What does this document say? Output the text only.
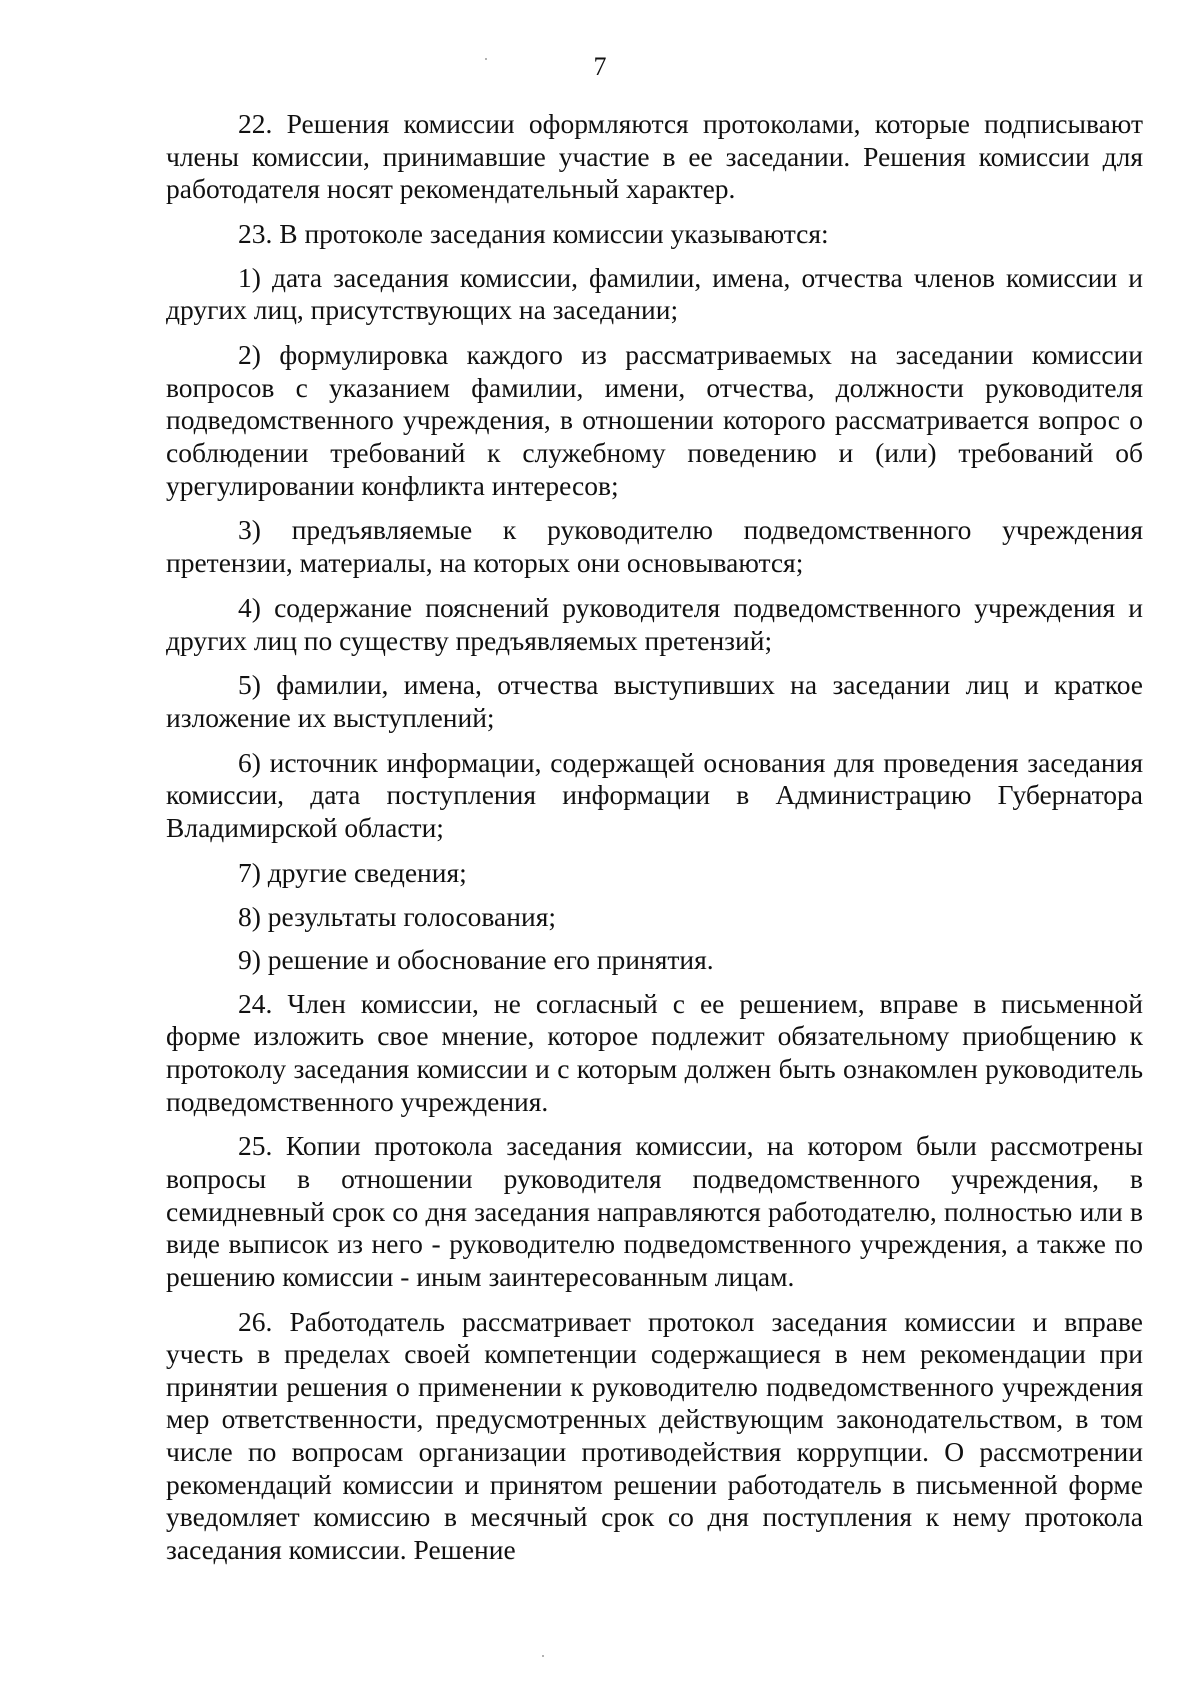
7

22. Решения комиссии оформляются протоколами, которые подписывают члены комиссии, принимавшие участие в ее заседании. Решения комиссии для работодателя носят рекомендательный характер.

23. В протоколе заседания комиссии указываются:

1) дата заседания комиссии, фамилии, имена, отчества членов комиссии и других лиц, присутствующих на заседании;

2) формулировка каждого из рассматриваемых на заседании комиссии вопросов с указанием фамилии, имени, отчества, должности руководителя подведомственного учреждения, в отношении которого рассматривается вопрос о соблюдении требований к служебному поведению и (или) требований об урегулировании конфликта интересов;

3) предъявляемые к руководителю подведомственного учреждения претензии, материалы, на которых они основываются;

4) содержание пояснений руководителя подведомственного учреждения и других лиц по существу предъявляемых претензий;

5) фамилии, имена, отчества выступивших на заседании лиц и краткое изложение их выступлений;

6) источник информации, содержащей основания для проведения заседания комиссии, дата поступления информации в Администрацию Губернатора Владимирской области;

7) другие сведения;

8) результаты голосования;

9) решение и обоснование его принятия.

24. Член комиссии, не согласный с ее решением, вправе в письменной форме изложить свое мнение, которое подлежит обязательному приобщению к протоколу заседания комиссии и с которым должен быть ознакомлен руководитель подведомственного учреждения.

25. Копии протокола заседания комиссии, на котором были рассмотрены вопросы в отношении руководителя подведомственного учреждения, в семидневный срок со дня заседания направляются работодателю, полностью или в виде выписок из него - руководителю подведомственного учреждения, а также по решению комиссии - иным заинтересованным лицам.

26. Работодатель рассматривает протокол заседания комиссии и вправе учесть в пределах своей компетенции содержащиеся в нем рекомендации при принятии решения о применении к руководителю подведомственного учреждения мер ответственности, предусмотренных действующим законодательством, в том числе по вопросам организации противодействия коррупции. О рассмотрении рекомендаций комиссии и принятом решении работодатель в письменной форме уведомляет комиссию в месячный срок со дня поступления к нему протокола заседания комиссии. Решение
